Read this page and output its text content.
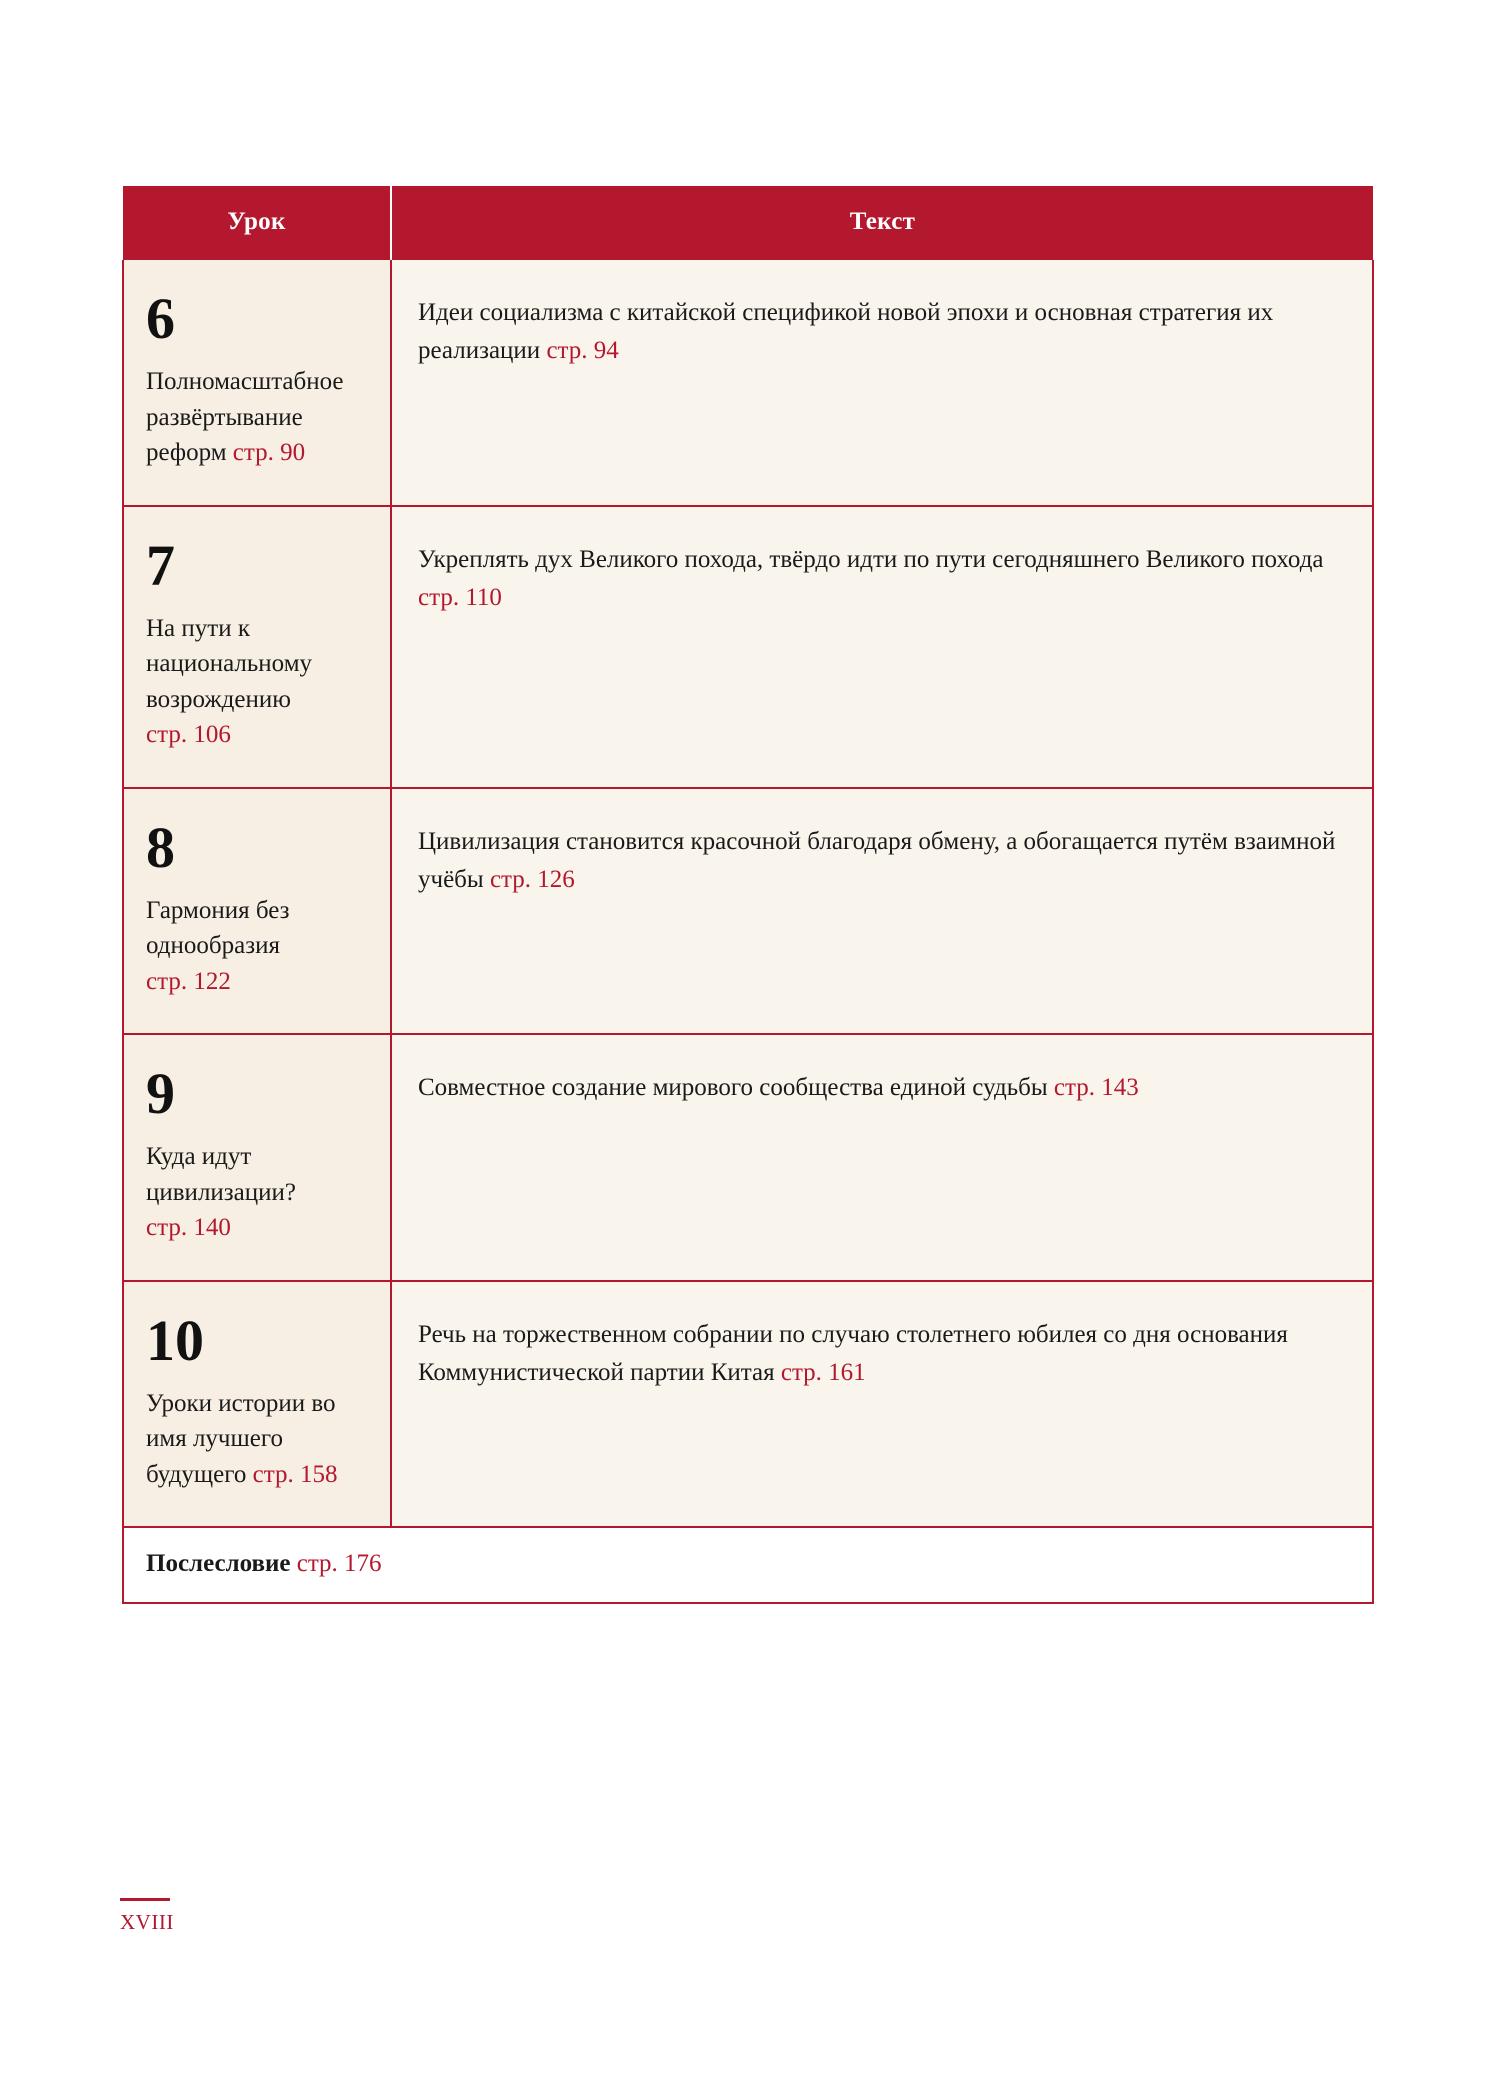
Урок	Текст

6
Полномасштабное развёртывание реформ стр. 90	Идеи социализма с китайской спецификой новой эпохи и основная стратегия их реализации стр. 94

7
На пути к национальному возрождению стр. 106	Укреплять дух Великого похода, твёрдо идти по пути сегодняшнего Великого похода стр. 110

8
Гармония без однообразия стр. 122	Цивилизация становится красочной благодаря обмену, а обогащается путём взаимной учёбы стр. 126

9
Куда идут цивилизации? стр. 140	Совместное создание мирового сообщества единой судьбы стр. 143

10
Уроки истории во имя лучшего будущего стр. 158	Речь на торжественном собрании по случаю столетнего юбилея со дня основания Коммунистической партии Китая стр. 161

Послесловие стр. 176	
XVIII
